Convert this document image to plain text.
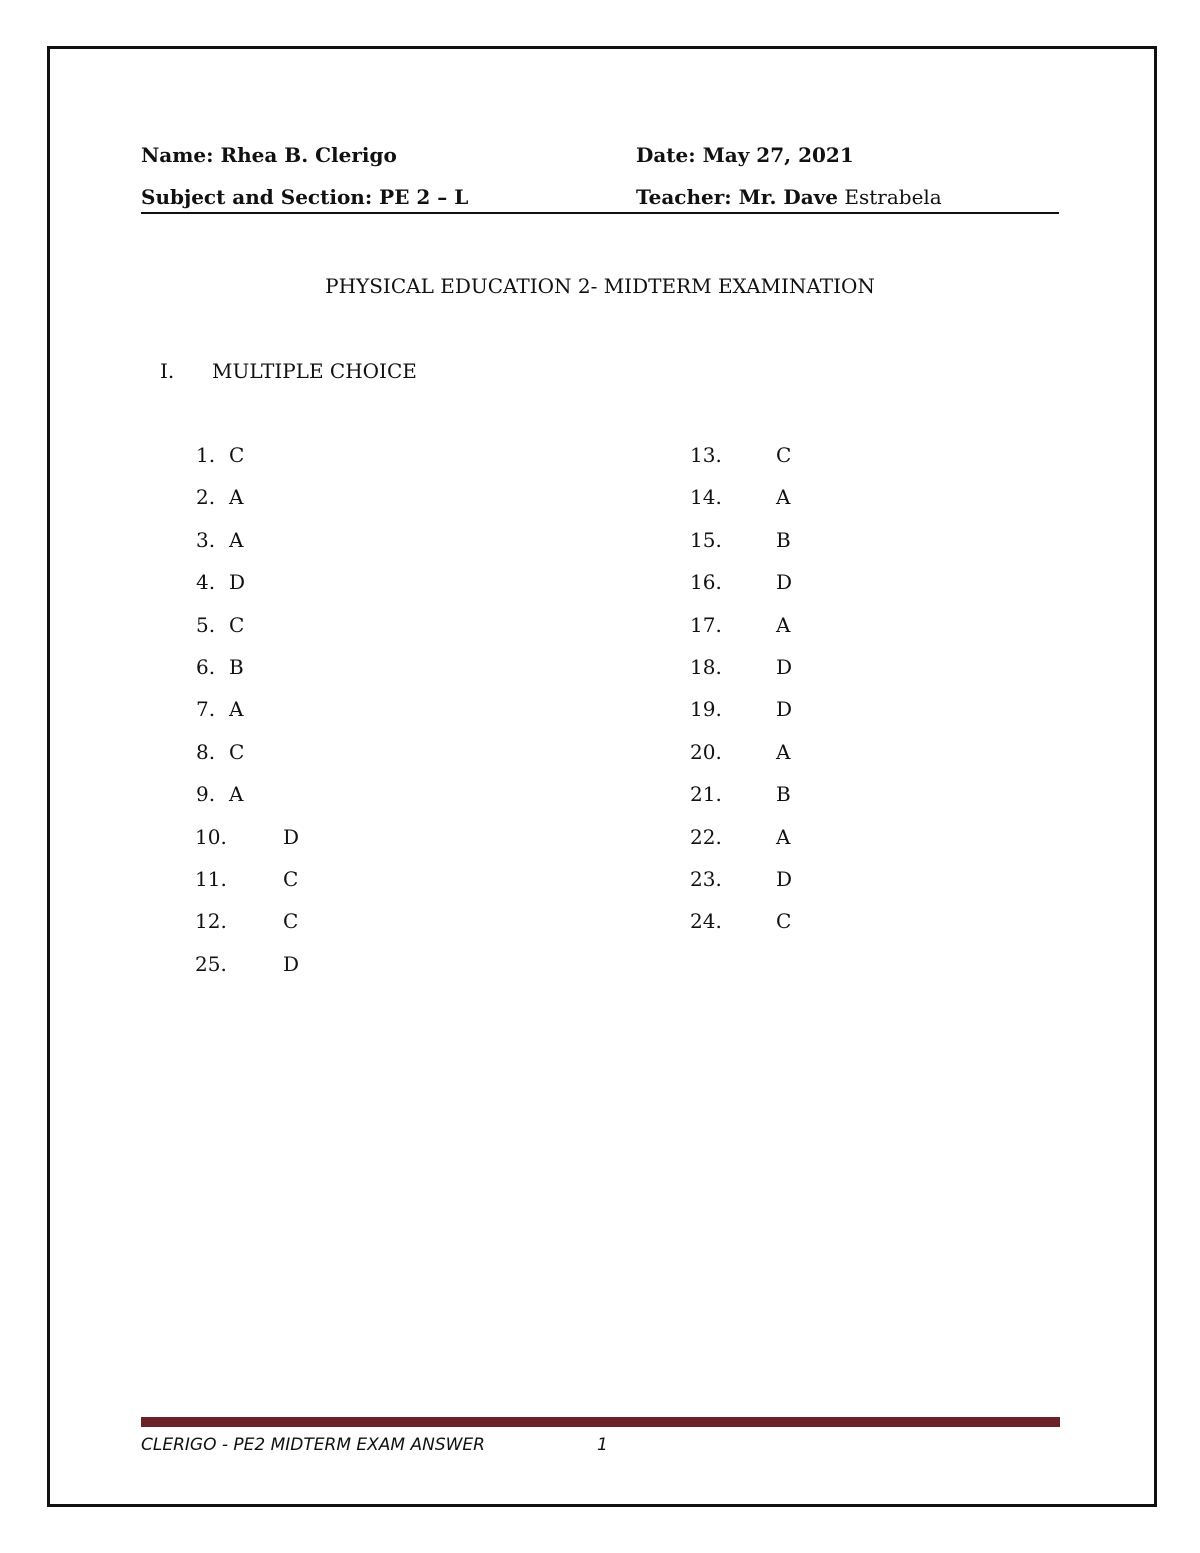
Name: Rhea B. Clerigo	Date: May 27, 2021
Subject and Section: PE 2 – L	Teacher: Mr. Dave Estrabela
PHYSICAL EDUCATION 2- MIDTERM EXAMINATION
I. MULTIPLE CHOICE
1. C
2. A
3. A
4. D
5. C
6. B
7. A
8. C
9. A
10.	D
11.	C
12.	C
25.	D
13.	C
14.	A
15.	B
16.	D
17.	A
18.	D
19.	D
20.	A
21.	B
22.	A
23.	D
24.	C
CLERIGO - PE2 MIDTERM EXAM ANSWER	1
